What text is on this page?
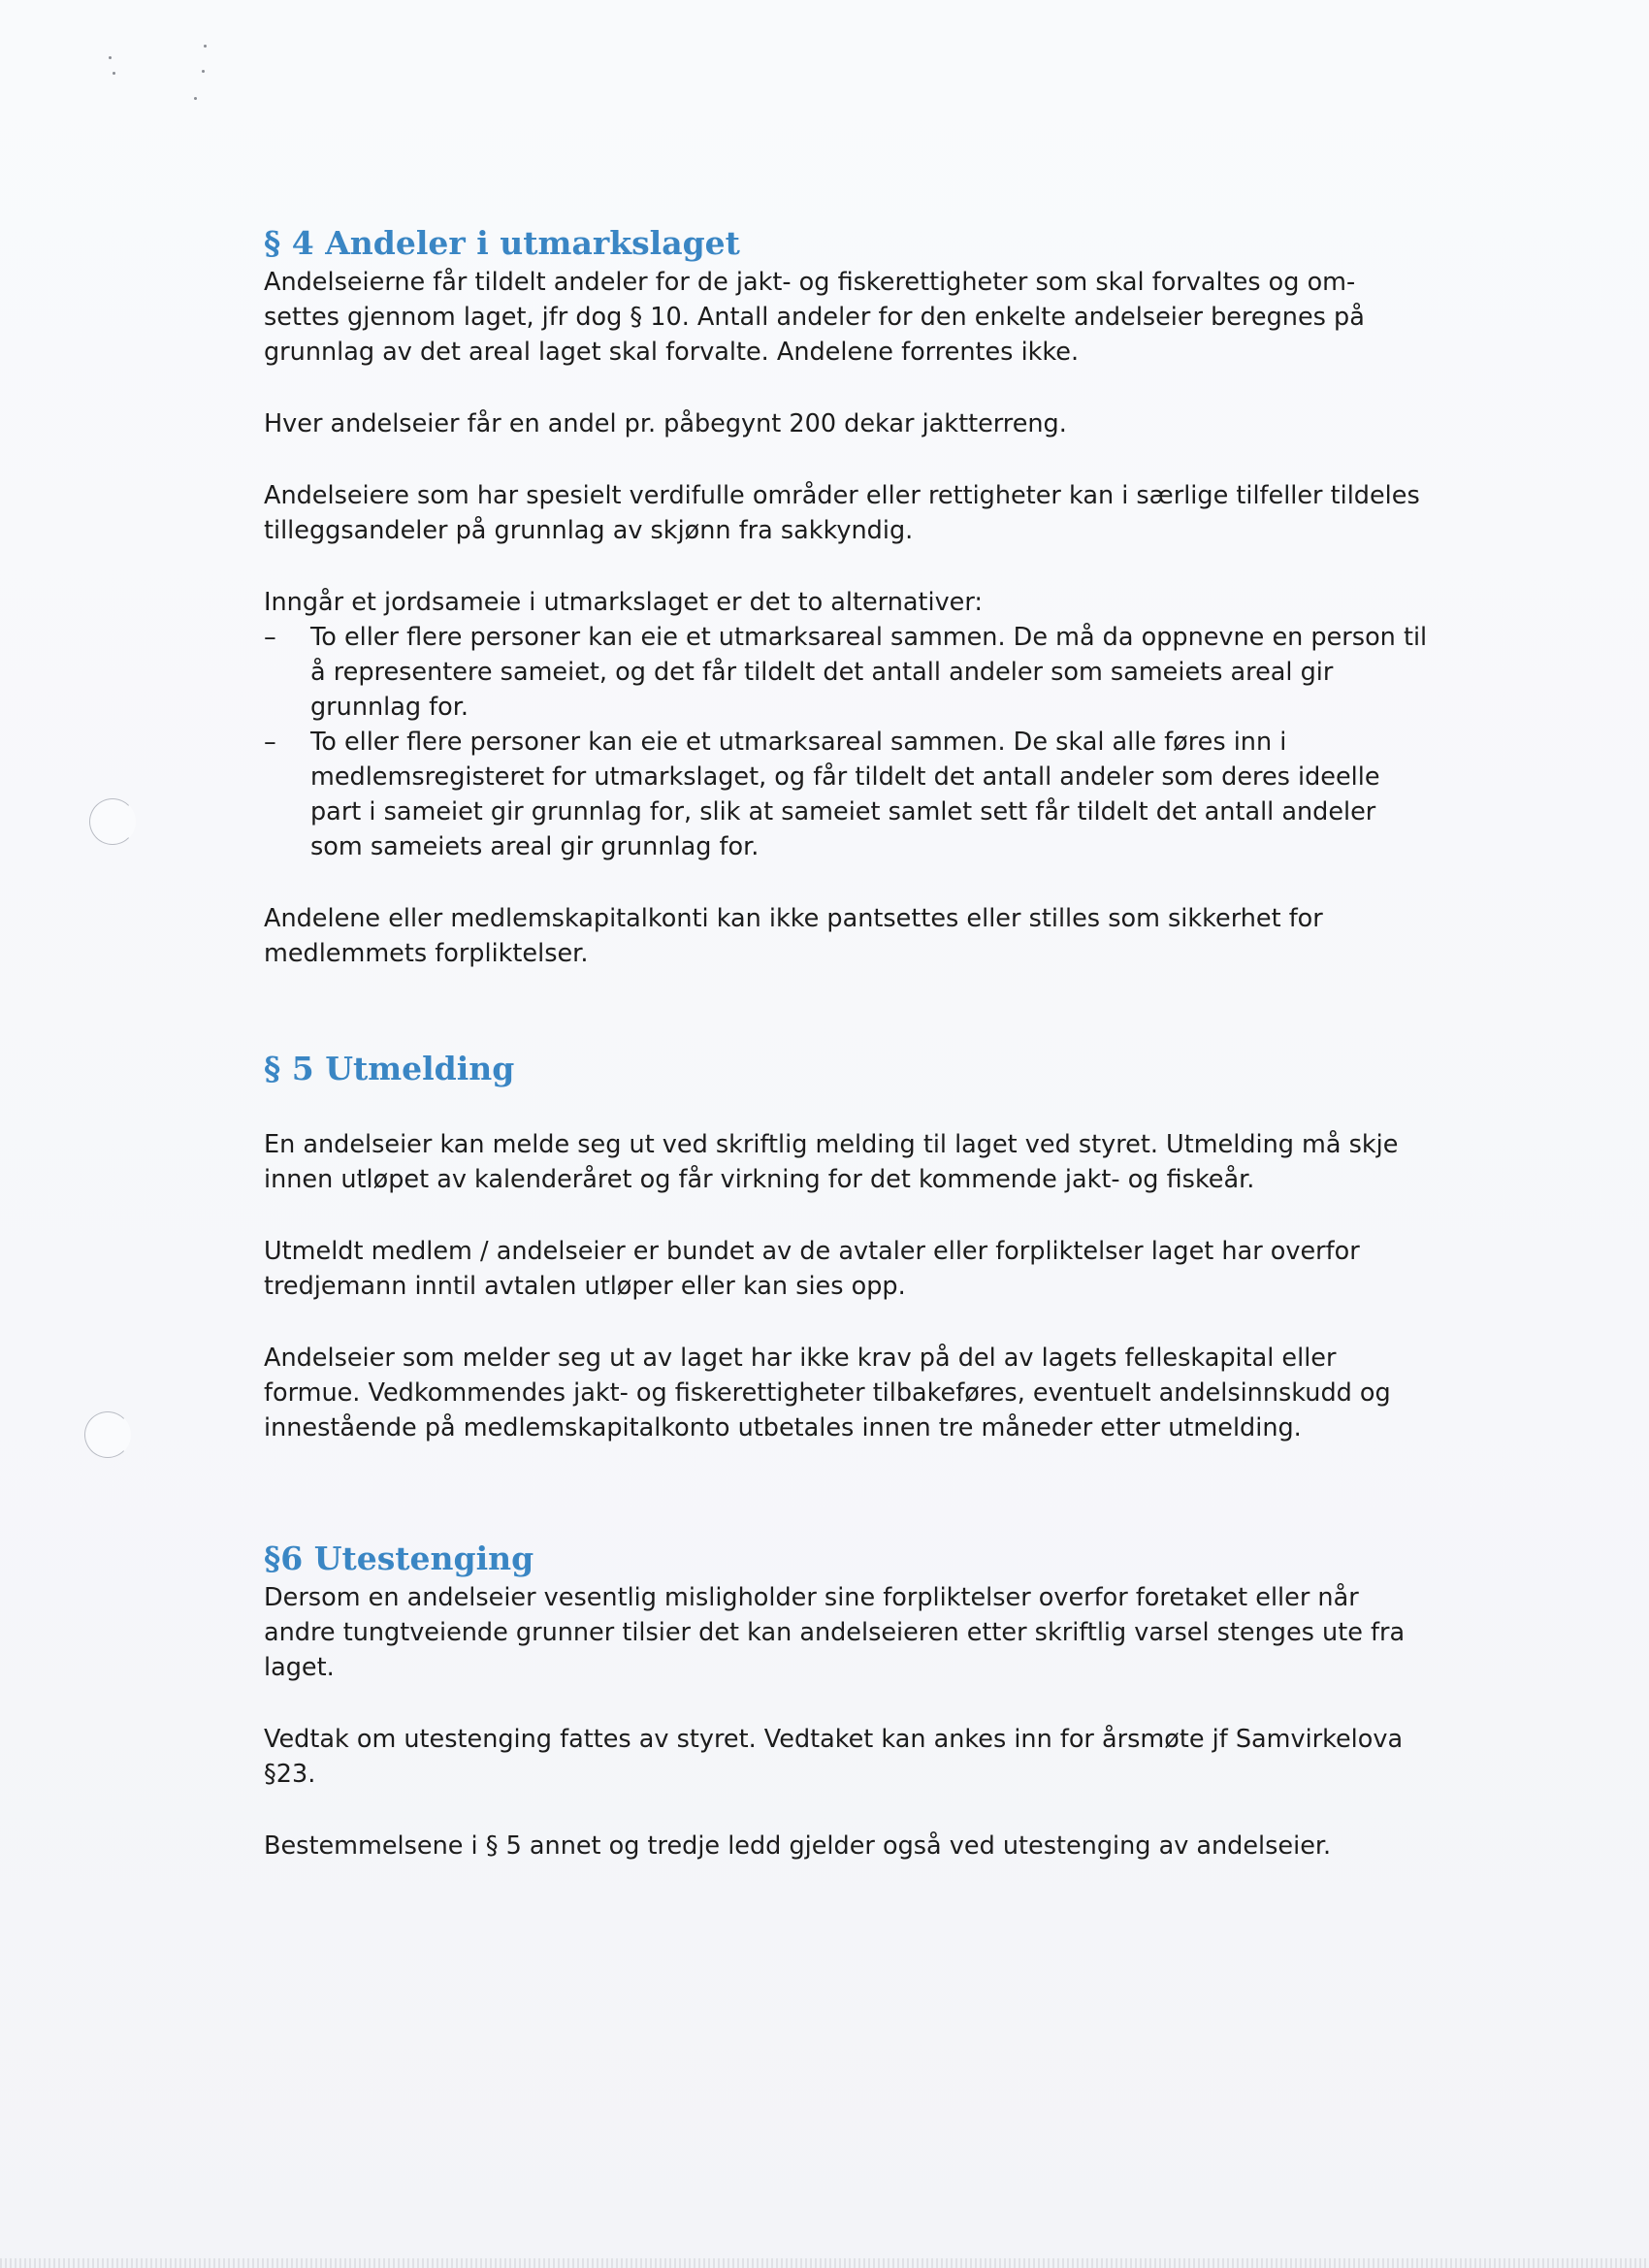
§ 4 Andeler i utmarkslaget

Andelseierne får tildelt andeler for de jakt- og fiskerettigheter som skal forvaltes og om- settes gjennom laget, jfr dog § 10. Antall andeler for den enkelte andelseier beregnes på grunnlag av det areal laget skal forvalte. Andelene forrentes ikke.

Hver andelseier får en andel pr. påbegynt 200 dekar jaktterreng.

Andelseiere som har spesielt verdifulle områder eller rettigheter kan i særlige tilfeller tildeles tilleggsandeler på grunnlag av skjønn fra sakkyndig.

Inngår et jordsameie i utmarkslaget er det to alternativer:

– To eller flere personer kan eie et utmarksareal sammen. De må da oppnevne en person til å representere sameiet, og det får tildelt det antall andeler som sameiets areal gir grunnlag for.
– To eller flere personer kan eie et utmarksareal sammen. De skal alle føres inn i medlemsregisteret for utmarkslaget, og får tildelt det antall andeler som deres ideelle part i sameiet gir grunnlag for, slik at sameiet samlet sett får tildelt det antall andeler som sameiets areal gir grunnlag for.

Andelene eller medlemskapitalkonti kan ikke pantsettes eller stilles som sikkerhet for medlemmets forpliktelser.

§ 5 Utmelding

En andelseier kan melde seg ut ved skriftlig melding til laget ved styret. Utmelding må skje innen utløpet av kalenderåret og får virkning for det kommende jakt- og fiskeår.

Utmeldt medlem / andelseier er bundet av de avtaler eller forpliktelser laget har overfor tredjemann inntil avtalen utløper eller kan sies opp.

Andelseier som melder seg ut av laget har ikke krav på del av lagets felleskapital eller formue. Vedkommendes jakt- og fiskerettigheter tilbakeføres, eventuelt andelsinnskudd og innestående på medlemskapitalkonto utbetales innen tre måneder etter utmelding.

§6 Utestenging

Dersom en andelseier vesentlig misligholder sine forpliktelser overfor foretaket eller når andre tungtveiende grunner tilsier det kan andelseieren etter skriftlig varsel stenges ute fra laget.

Vedtak om utestenging fattes av styret. Vedtaket kan ankes inn for årsmøte jf Samvirkelova §23.

Bestemmelsene i § 5 annet og tredje ledd gjelder også ved utestenging av andelseier.
